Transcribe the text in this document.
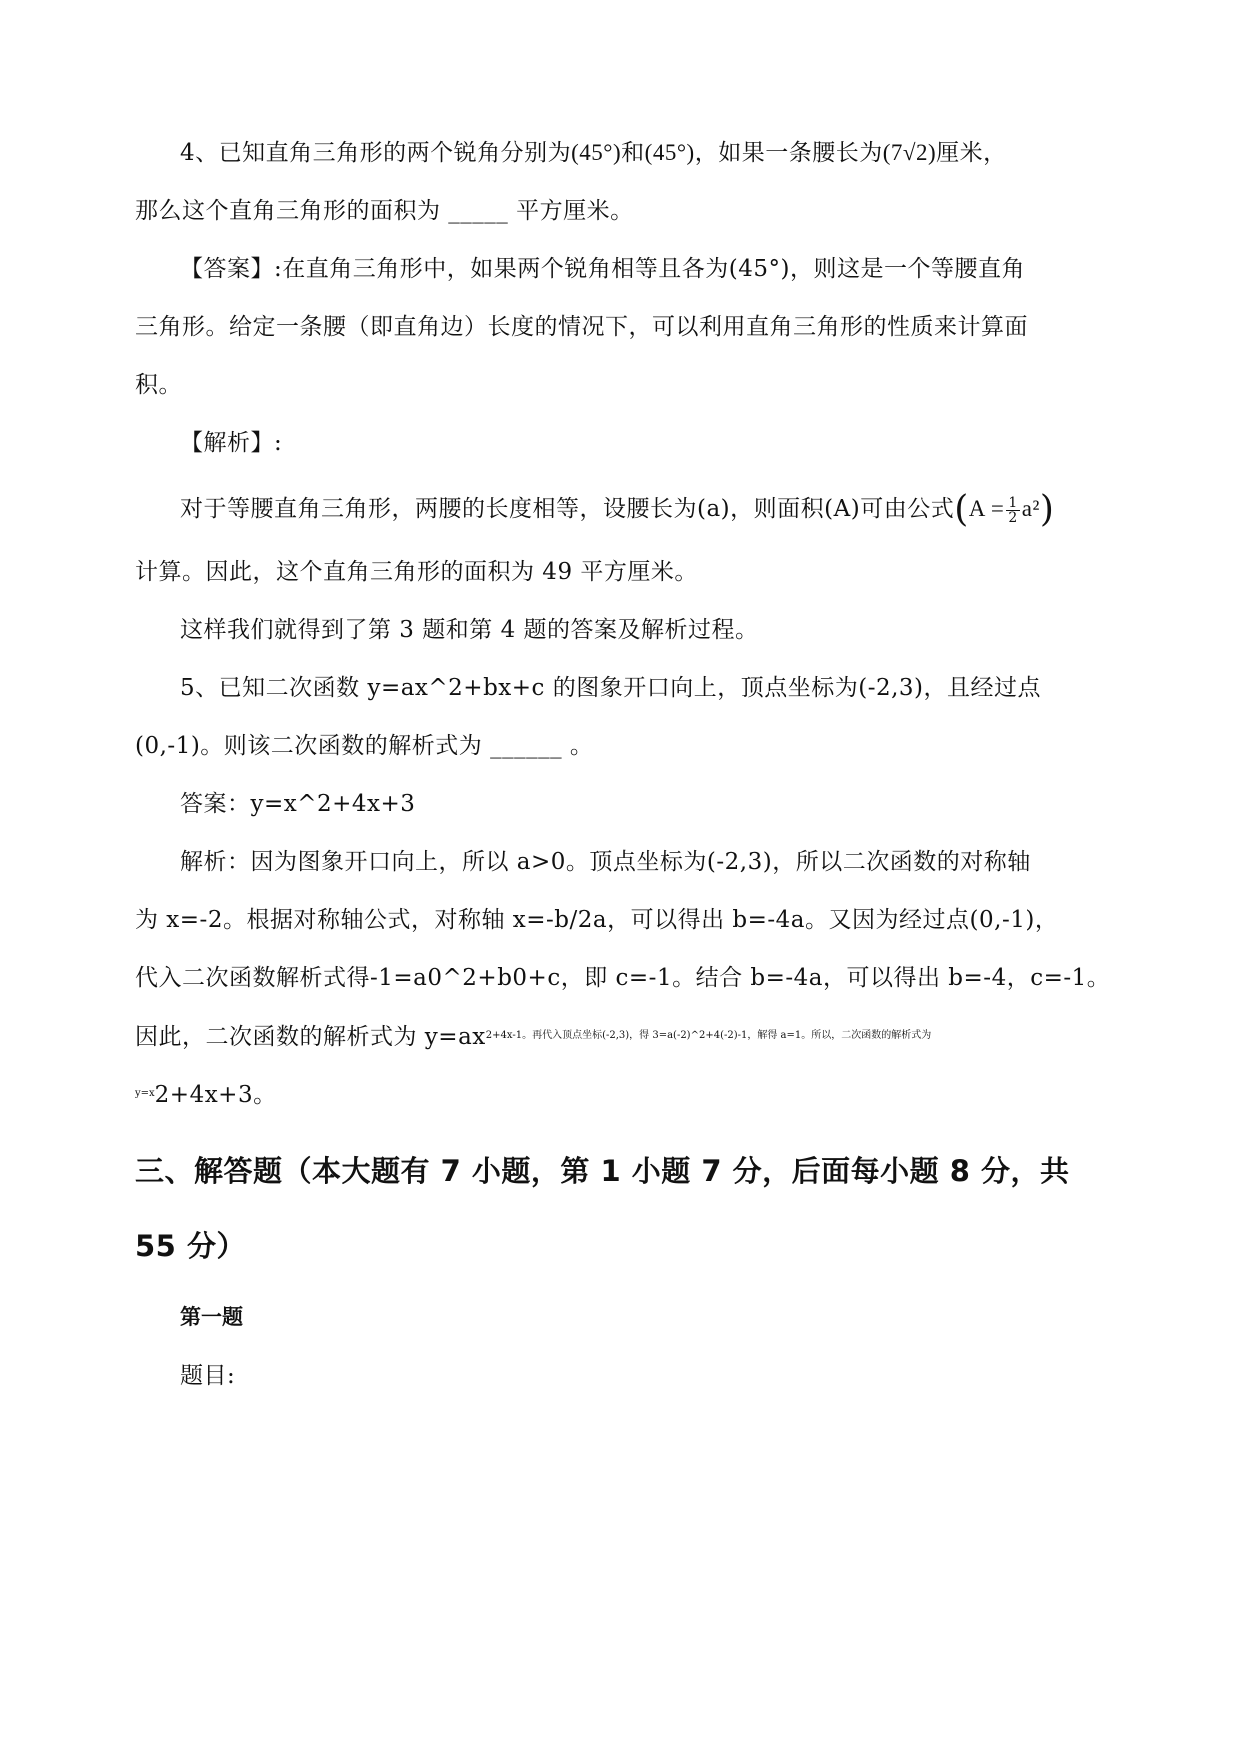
4、已知直角三角形的两个锐角分别为(45°)和(45°)，如果一条腰长为(7√2)厘米，
那么这个直角三角形的面积为 _____ 平方厘米。
【答案】:在直角三角形中，如果两个锐角相等且各为(45°)，则这是一个等腰直角
三角形。给定一条腰（即直角边）长度的情况下，可以利用直角三角形的性质来计算面
积。
【解析】:
对于等腰直角三角形，两腰的长度相等，设腰长为(a)，则面积(A)可由公式$(A = \frac{1}{2} a^2)$
计算。因此，这个直角三角形的面积为 49 平方厘米。
这样我们就得到了第 3 题和第 4 题的答案及解析过程。
5、已知二次函数 y=ax^2+bx+c 的图象开口向上，顶点坐标为(-2,3)，且经过点
(0,-1)。则该二次函数的解析式为 ______ 。
答案：y=x^2+4x+3
解析：因为图象开口向上，所以 a>0。顶点坐标为(-2,3)，所以二次函数的对称轴
为 x=-2。根据对称轴公式，对称轴 x=-b/2a，可以得出 b=-4a。又因为经过点(0,-1)，
代入二次函数解析式得-1=a0^2+b0+c，即 c=-1。结合 b=-4a，可以得出 b=-4，c=-1。
因此，二次函数的解析式为 $y=ax^{2+4x-1。再代入顶点坐标(-2,3),得 3=a(-2)\^{}2+4(-2)-1,解得 a=1。所以,二次函数的解析式为}$
$^{y=x}$2+4x+3。
三、解答题（本大题有 7 小题，第 1 小题 7 分，后面每小题 8 分，共
55 分）
第一题
题目:
